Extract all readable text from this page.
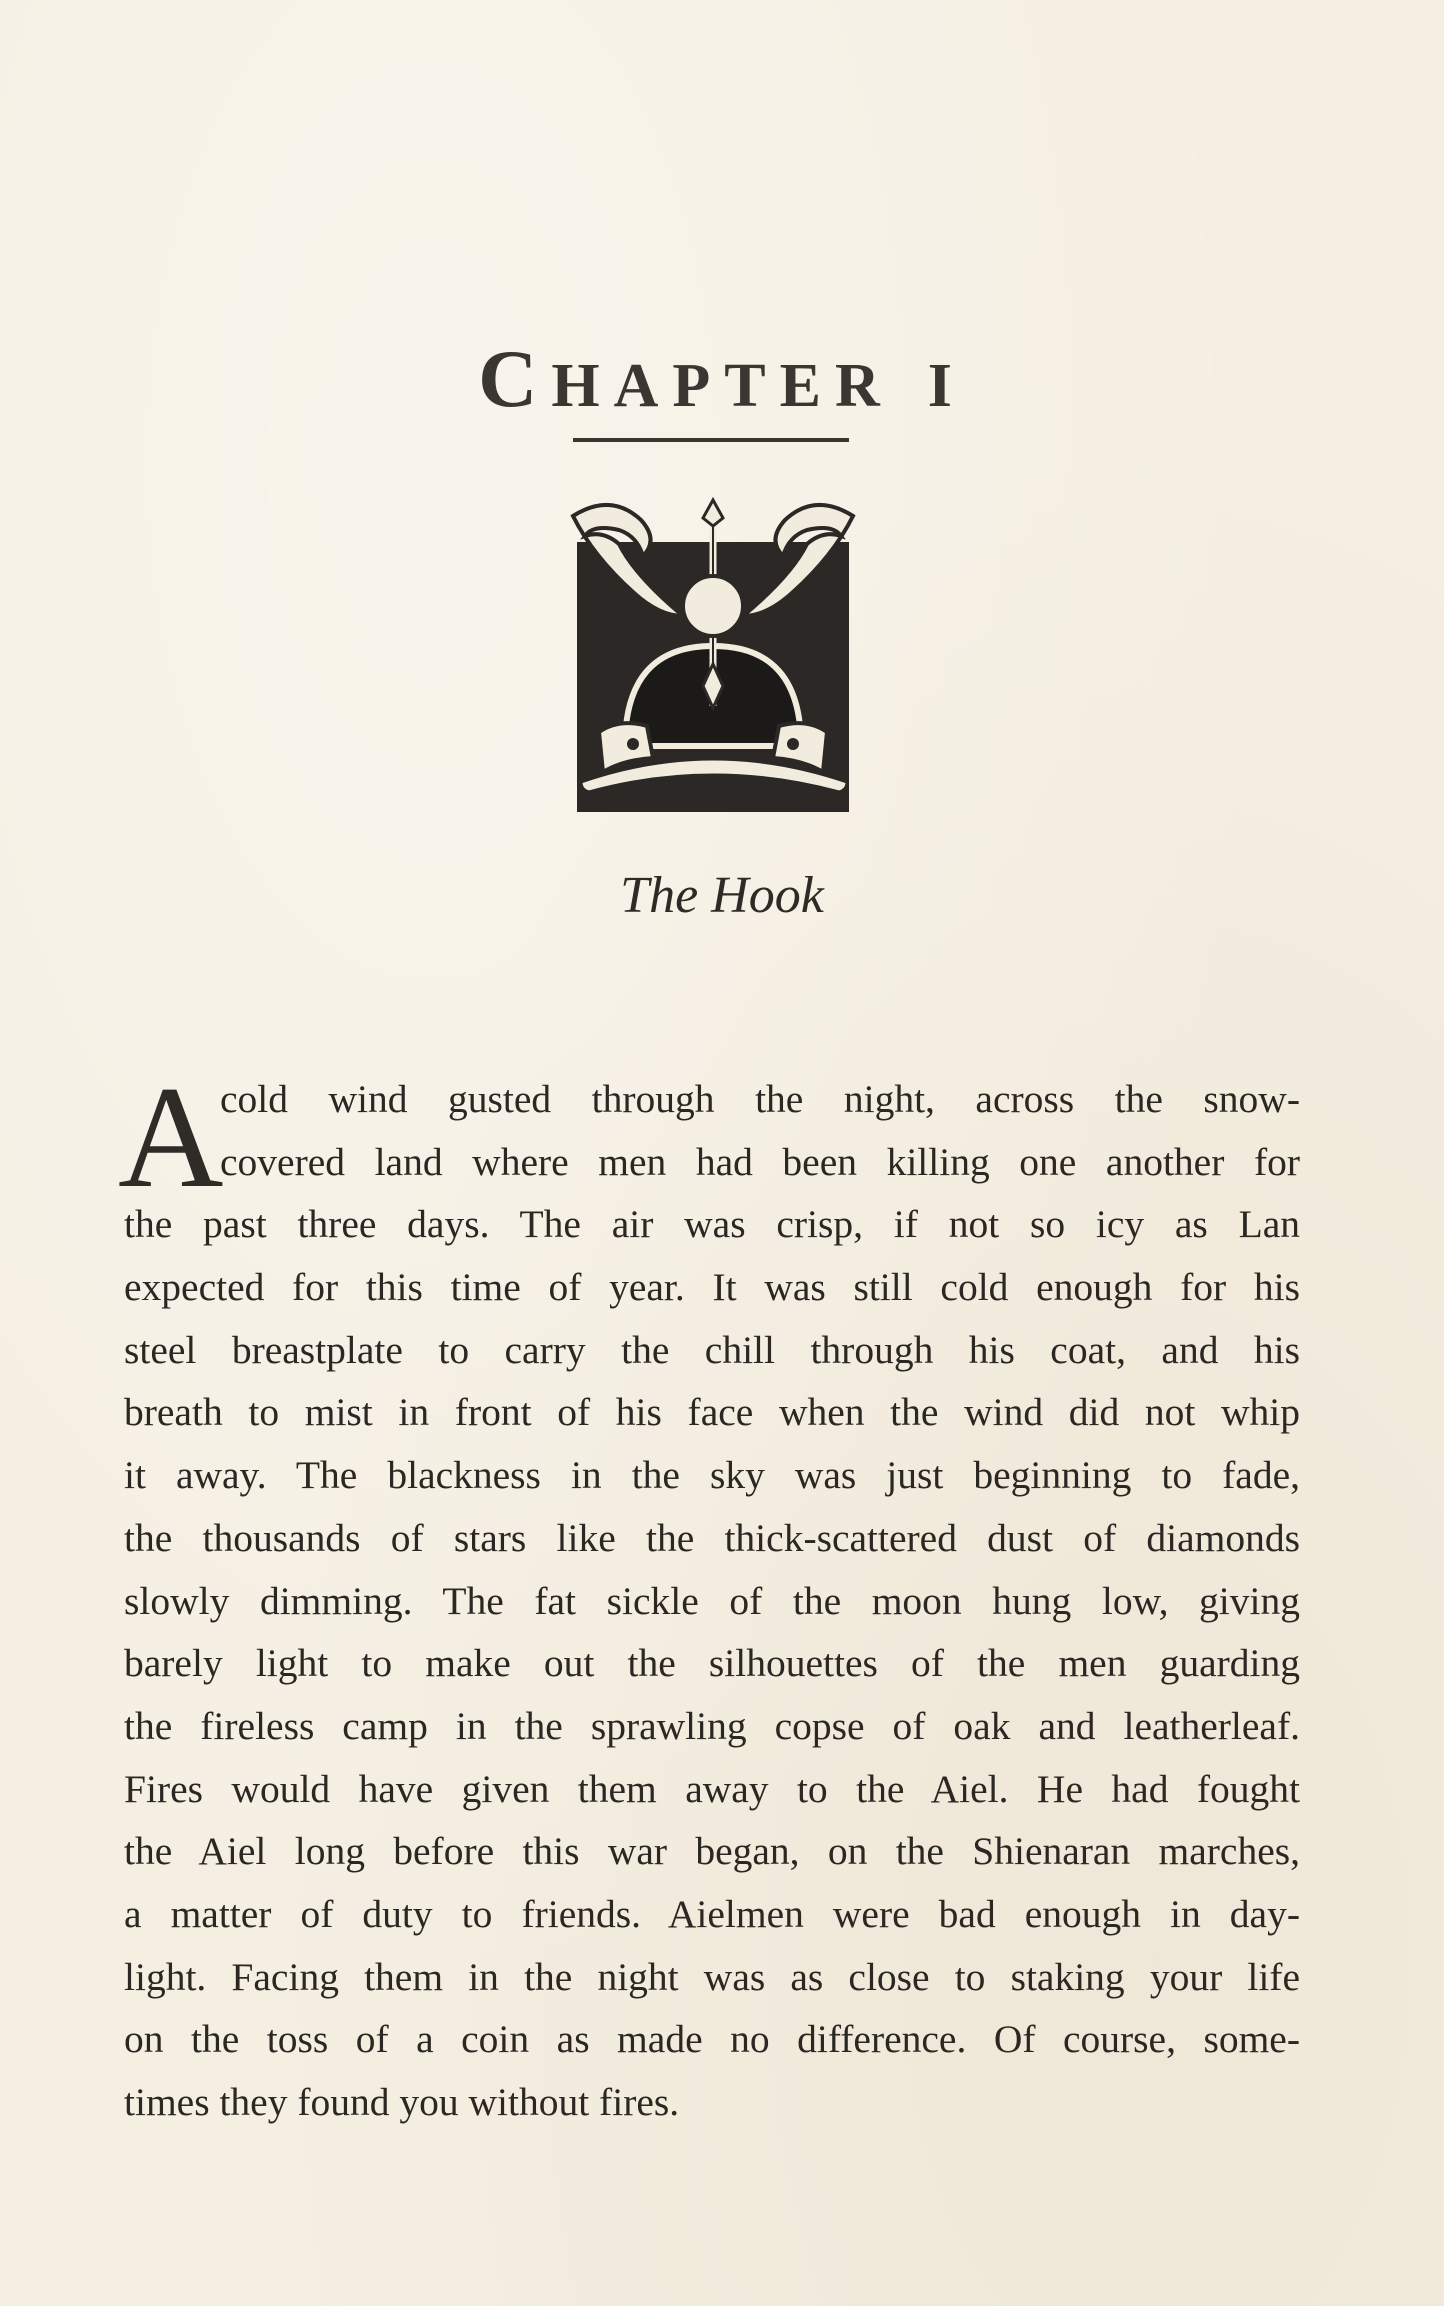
CHAPTER I
The Hook
A
cold wind gusted through the night, across the snow-
covered land where men had been killing one another for
the past three days. The air was crisp, if not so icy as Lan
expected for this time of year. It was still cold enough for his
steel breastplate to carry the chill through his coat, and his
breath to mist in front of his face when the wind did not whip
it away. The blackness in the sky was just beginning to fade,
the thousands of stars like the thick-scattered dust of diamonds
slowly dimming. The fat sickle of the moon hung low, giving
barely light to make out the silhouettes of the men guarding
the fireless camp in the sprawling copse of oak and leatherleaf.
Fires would have given them away to the Aiel. He had fought
the Aiel long before this war began, on the Shienaran marches,
a matter of duty to friends. Aielmen were bad enough in day-
light. Facing them in the night was as close to staking your life
on the toss of a coin as made no difference. Of course, some-
times they found you without fires.
